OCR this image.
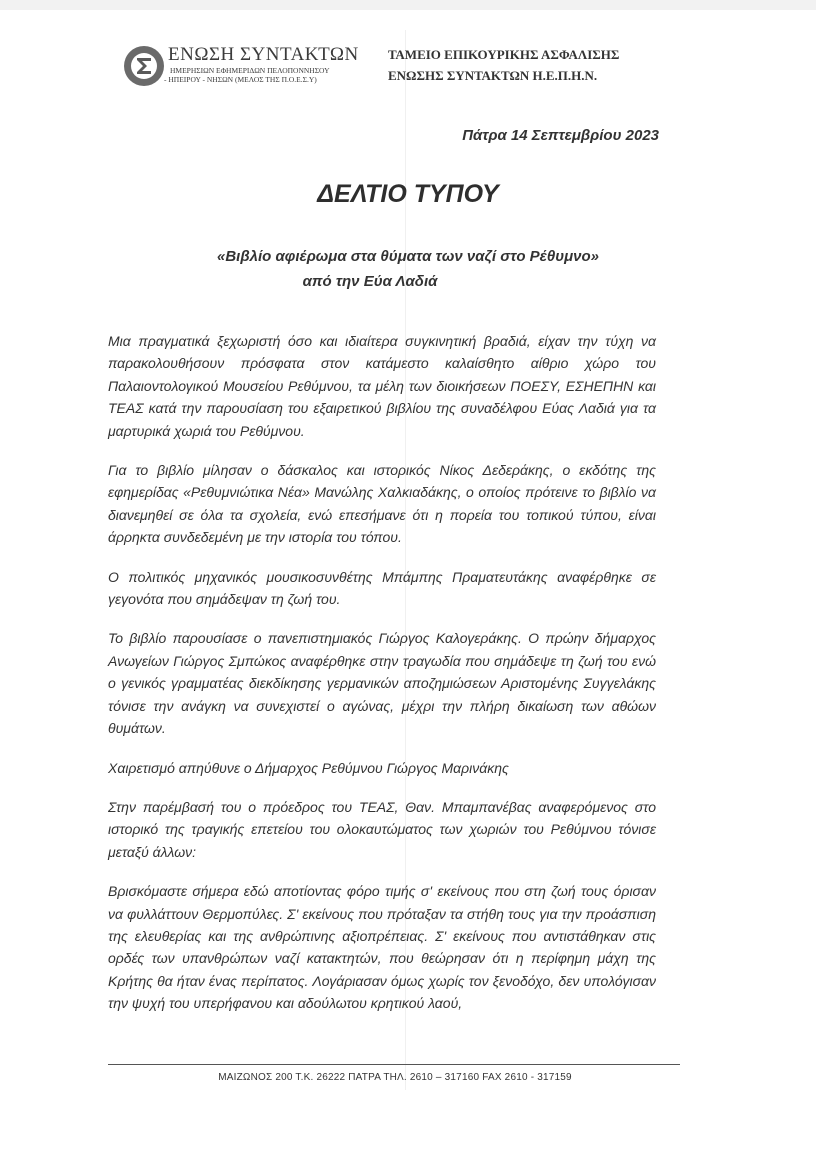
ΕΝΩΣΗ ΣΥΝΤΑΚΤΩΝ
ΗΜΕΡΗΣΙΩΝ ΕΦΗΜΕΡΙΔΩΝ ΠΕΛΟΠΟΝΝΗΣΟΥ
- ΗΠΕΙΡΟΥ - ΝΗΣΩΝ (ΜΕΛΟΣ ΤΗΣ Π.Ο.Ε.Σ.Υ)
ΤΑΜΕΙΟ ΕΠΙΚΟΥΡΙΚΗΣ ΑΣΦΑΛΙΣΗΣ
ΕΝΩΣΗΣ ΣΥΝΤΑΚΤΩΝ Η.Ε.Π.Η.Ν.
Πάτρα 14 Σεπτεμβρίου 2023
ΔΕΛΤΙΟ ΤΥΠΟΥ
«Βιβλίο αφιέρωμα στα θύματα των ναζί στο Ρέθυμνο»
από την Εύα Λαδιά

Μια πραγματικά ξεχωριστή όσο και ιδιαίτερα συγκινητική βραδιά, είχαν την τύχη να παρακολουθήσουν πρόσφατα στον κατάμεστο καλαίσθητο αίθριο χώρο του Παλαιοντολογικού Μουσείου Ρεθύμνου, τα μέλη των διοικήσεων ΠΟΕΣΥ, ΕΣΗΕΠΗΝ και ΤΕΑΣ κατά την παρουσίαση του εξαιρετικού βιβλίου της συναδέλφου Εύας Λαδιά για τα μαρτυρικά χωριά του Ρεθύμνου.

Για το βιβλίο μίλησαν ο δάσκαλος και ιστορικός Νίκος Δεδεράκης, ο εκδότης της εφημερίδας «Ρεθυμνιώτικα Νέα» Μανώλης Χαλκιαδάκης, ο οποίος πρότεινε το βιβλίο να διανεμηθεί σε όλα τα σχολεία, ενώ επεσήμανε ότι η πορεία του τοπικού τύπου, είναι άρρηκτα συνδεδεμένη με την ιστορία του τόπου.

Ο πολιτικός μηχανικός μουσικοσυνθέτης Μπάμπης Πραματευτάκης αναφέρθηκε σε γεγονότα που σημάδεψαν τη ζωή του.

Το βιβλίο παρουσίασε ο πανεπιστημιακός Γιώργος Καλογεράκης. Ο πρώην δήμαρχος Ανωγείων Γιώργος Σμπώκος αναφέρθηκε στην τραγωδία που σημάδεψε τη ζωή του ενώ ο γενικός γραμματέας διεκδίκησης γερμανικών αποζημιώσεων Αριστομένης Συγγελάκης τόνισε την ανάγκη να συνεχιστεί ο αγώνας, μέχρι την πλήρη δικαίωση των αθώων θυμάτων.

Χαιρετισμό απηύθυνε ο Δήμαρχος Ρεθύμνου Γιώργος Μαρινάκης

Στην παρέμβασή του ο πρόεδρος του ΤΕΑΣ, Θαν. Μπαμπανέβας αναφερόμενος στο ιστορικό της τραγικής επετείου του ολοκαυτώματος των χωριών του Ρεθύμνου τόνισε μεταξύ άλλων:

Βρισκόμαστε σήμερα εδώ αποτίοντας φόρο τιμής σ' εκείνους που στη ζωή τους όρισαν να φυλλάττουν Θερμοπύλες. Σ' εκείνους που πρόταξαν τα στήθη τους για την προάσπιση της ελευθερίας και της ανθρώπινης αξιοπρέπειας. Σ' εκείνους που αντιστάθηκαν στις ορδές των υπανθρώπων ναζί κατακτητών, που θεώρησαν ότι η περίφημη μάχη της Κρήτης θα ήταν ένας περίπατος. Λογάριασαν όμως χωρίς τον ξενοδόχο, δεν υπολόγισαν την ψυχή του υπερήφανου και αδούλωτου κρητικού λαού,

ΜΑΙΖΩΝΟΣ 200 Τ.Κ. 26222 ΠΑΤΡΑ ΤΗΛ. 2610 – 317160 FAX 2610 - 317159
